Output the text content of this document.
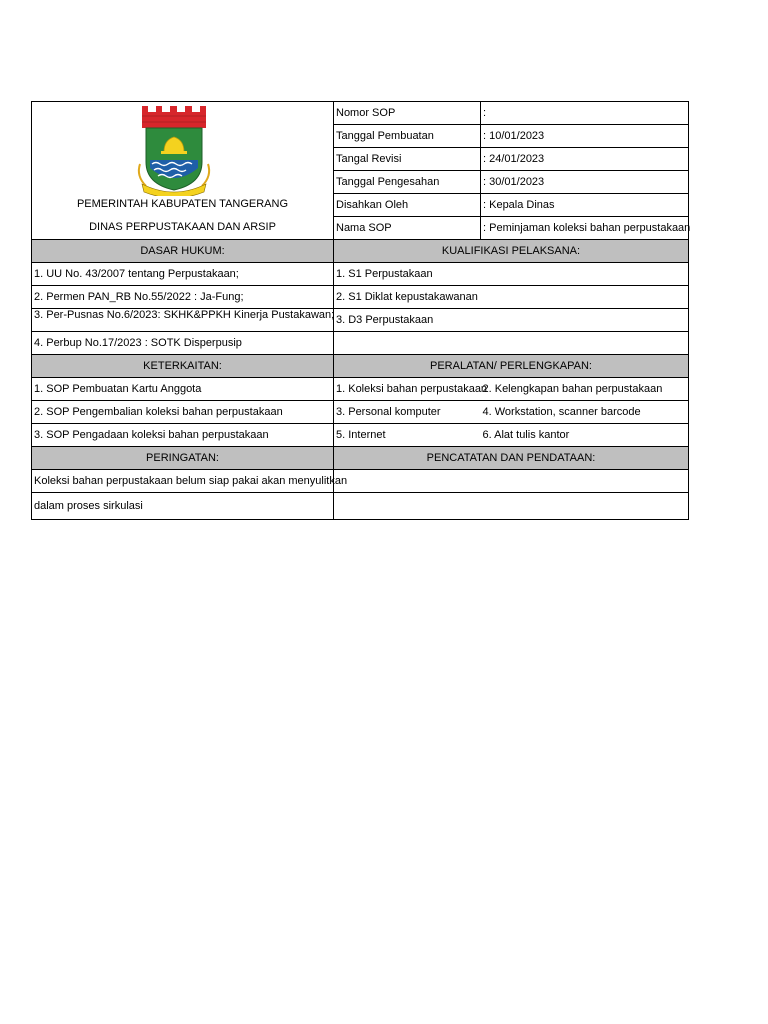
PEMERINTAH KABUPATEN TANGERANG
DINAS PERPUSTAKAAN DAN ARSIP	Nomor SOP	:
	Tanggal Pembuatan	: 10/01/2023
	Tangal Revisi	: 24/01/2023
	Tanggal Pengesahan	: 30/01/2023
	Disahkan Oleh	: Kepala Dinas
	Nama SOP	: Peminjaman koleksi bahan perpustakaan
DASAR HUKUM:	KUALIFIKASI PELAKSANA:	
1. UU No. 43/2007 tentang Perpustakaan;	1. S1 Perpustakaan	
2. Permen PAN_RB No.55/2022 : Ja-Fung;	2. S1 Diklat kepustakawanan	
3. Per-Pusnas No.6/2023: SKHK&PPKH Kinerja Pustakawan;	3. D3 Perpustakaan	
4. Perbup No.17/2023 : SOTK Disperpusip		
KETERKAITAN:	PERALATAN/ PERLENGKAPAN:	
1. SOP Pembuatan Kartu Anggota	1. Koleksi bahan perpustakaan	2. Kelengkapan bahan perpustakaan
2. SOP Pengembalian koleksi bahan perpustakaan	3. Personal komputer	4. Workstation, scanner barcode
3. SOP Pengadaan koleksi bahan perpustakaan	5. Internet	6. Alat tulis kantor
PERINGATAN:	PENCATATAN DAN PENDATAAN:	
Koleksi bahan perpustakaan belum siap pakai akan menyulitkan		
dalam proses sirkulasi		
